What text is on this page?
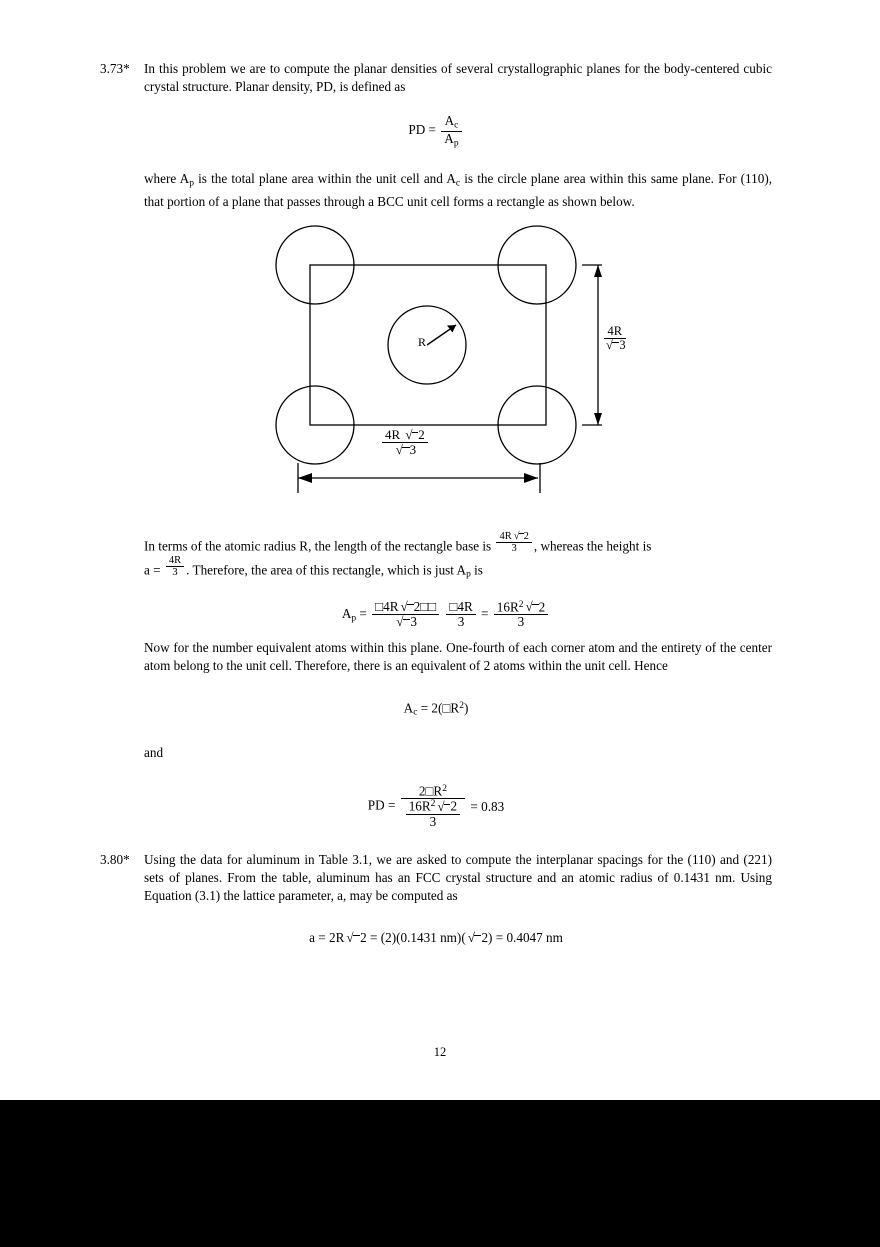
3.73*	In this problem we are to compute the planar densities of several crystallographic planes for the body-centered cubic crystal structure. Planar density, PD, is defined as
PD = $\frac{A_c}{A_p}$
where $A_p$ is the total plane area within the unit cell and $A_c$ is the circle plane area within this same plane. For (110), that portion of a plane that passes through a BCC unit cell forms a rectangle as shown below.
R	$\frac{4R}{√ 3}$
$\frac{4R √ 2}{√ 3}$
In terms of the atomic radius R, the length of the rectangle base is $\frac{4R √ 2}{3}$ , whereas the height is
$a = \frac{4R}{3}$ . Therefore, the area of this rectangle, which is just $A_p$ is
$A_p = \frac{□4R √ 2□□}{√ 3}$
$\frac{□4R}{3} = \frac{16R^2 √ 2}{3}$
Now for the number equivalent atoms within this plane. One-fourth of each corner atom and the entirety of the center atom belong to the unit cell. Therefore, there is an equivalent of 2 atoms within the unit cell. Hence
$A_c$ = $2(□R^2)$
and
PD = $\frac{2□R^2}{\frac{16R^2 √ 2}{3}} = 0.83$
3.80*	Using the data for aluminum in Table 3.1, we are asked to compute the interplanar spacings for the (110) and (221) sets of planes. From the table, aluminum has an FCC crystal structure and an atomic radius of 0.1431 nm. Using Equation (3.1) the lattice parameter, a, may be computed as
a = 2R √ 2 = (2)(0.1431 nm)( √ 2) = 0.4047 nm
12
